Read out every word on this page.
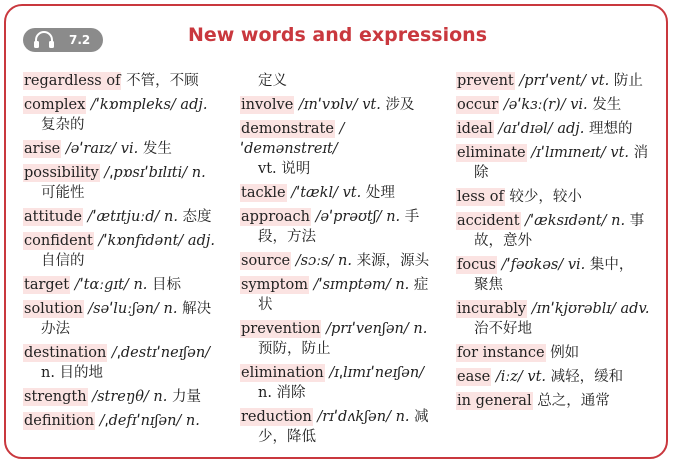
7.2	New words and expressions
regardless of 不管，不顾
complex /ˈkɒmpleks/ adj.
复杂的
arise /əˈraɪz/ vi. 发生
possibility /ˌpɒsɪˈbɪlɪti/ n.
可能性
attitude /ˈætɪtjuːd/ n. 态度
confident /ˈkɒnfɪdənt/ adj.
自信的
target /ˈtɑːgɪt/ n. 目标
solution /səˈluːʃən/ n. 解决
办法
destination /ˌdestɪˈneɪʃən/
n. 目的地
strength /streŋθ/ n. 力量
definition /ˌdefɪˈnɪʃən/ n.
定义
involve /ɪnˈvɒlv/ vt. 涉及
demonstrate /ˈdemənstreɪt/
vt. 说明
tackle /ˈtækl/ vt. 处理
approach /əˈprəʊtʃ/ n. 手
段，方法
source /sɔːs/ n. 来源，源头
symptom /ˈsɪmptəm/ n. 症
状
prevention /prɪˈvenʃən/ n.
预防，防止
elimination /ɪˌlɪmɪˈneɪʃən/
n. 消除
reduction /rɪˈdʌkʃən/ n. 减
少，降低
prevent /prɪˈvent/ vt. 防止
occur /əˈkɜː(r)/ vi. 发生
ideal /aɪˈdɪəl/ adj. 理想的
eliminate /ɪˈlɪmɪneɪt/ vt. 消
除
less of 较少，较小
accident /ˈæksɪdənt/ n. 事
故，意外
focus /ˈfəʊkəs/ vi. 集中，
聚焦
incurably /ɪnˈkjʊrəblɪ/ adv.
治不好地
for instance 例如
ease /iːz/ vt. 减轻，缓和
in general 总之，通常
